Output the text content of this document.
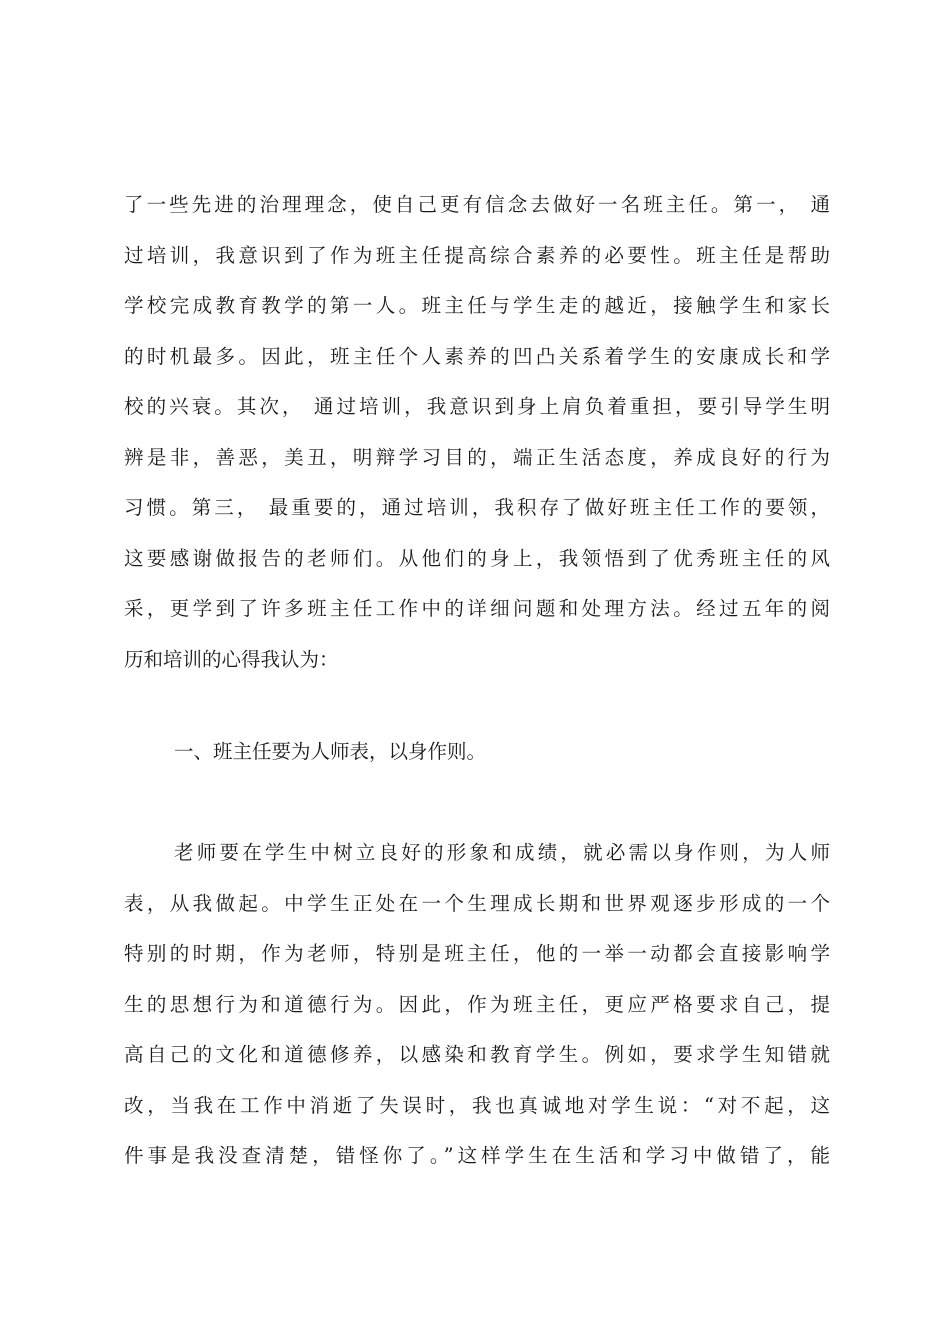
了一些先进的治理理念，使自己更有信念去做好一名班主任。第一， 通
过培训，我意识到了作为班主任提高综合素养的必要性。班主任是帮助
学校完成教育教学的第一人。班主任与学生走的越近，接触学生和家长
的时机最多。因此，班主任个人素养的凹凸关系着学生的安康成长和学
校的兴衰。其次， 通过培训，我意识到身上肩负着重担，要引导学生明
辨是非，善恶，美丑，明辩学习目的，端正生活态度，养成良好的行为
习惯。第三， 最重要的，通过培训，我积存了做好班主任工作的要领，
这要感谢做报告的老师们。从他们的身上，我领悟到了优秀班主任的风
采，更学到了许多班主任工作中的详细问题和处理方法。经过五年的阅
历和培训的心得我认为：
一、班主任要为人师表，以身作则。
老师要在学生中树立良好的形象和成绩，就必需以身作则，为人师
表，从我做起。中学生正处在一个生理成长期和世界观逐步形成的一个
特别的时期，作为老师，特别是班主任，他的一举一动都会直接影响学
生的思想行为和道德行为。因此，作为班主任，更应严格要求自己，提
高自己的文化和道德修养，以感染和教育学生。例如，要求学生知错就
改，当我在工作中消逝了失误时，我也真诚地对学生说：“对不起，这
件事是我没查清楚，错怪你了。”这样学生在生活和学习中做错了，能
